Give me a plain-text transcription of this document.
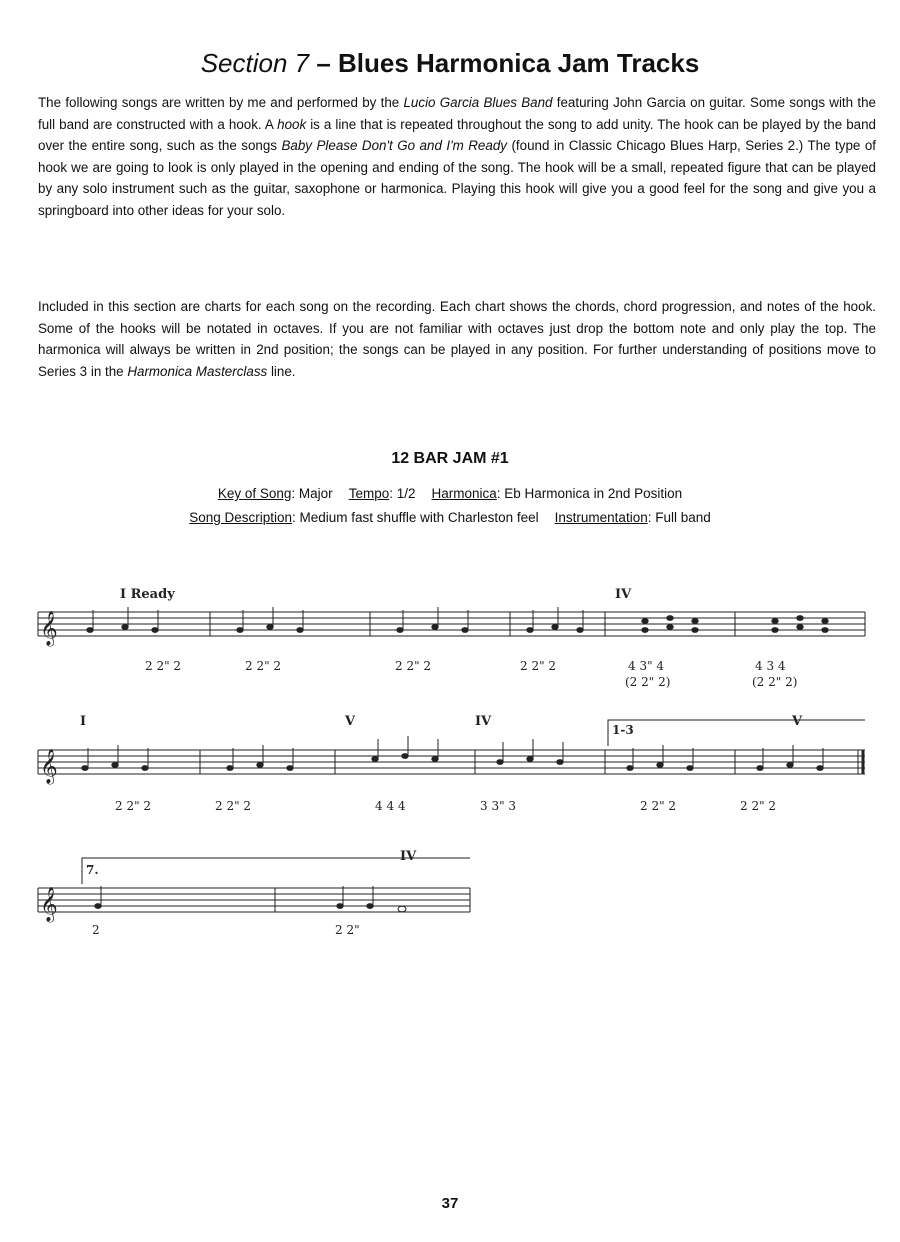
Section 7 – Blues Harmonica Jam Tracks

The following songs are written by me and performed by the Lucio Garcia Blues Band featuring John Garcia on guitar. Some songs with the full band are constructed with a hook. A hook is a line that is repeated throughout the song to add unity. The hook can be played by the band over the entire song, such as the songs Baby Please Don't Go and I'm Ready (found in Classic Chicago Blues Harp, Series 2.) The type of hook we are going to look is only played in the opening and ending of the song. The hook will be a small, repeated figure that can be played by any solo instrument such as the guitar, saxophone or harmonica. Playing this hook will give you a good feel for the song and give you a springboard into other ideas for your solo.

Included in this section are charts for each song on the recording. Each chart shows the chords, chord progression, and notes of the hook. Some of the hooks will be notated in octaves. If you are not familiar with octaves just drop the bottom note and only play the top. The harmonica will always be written in 2nd position; the songs can be played in any position. For further understanding of positions move to Series 3 in the Harmonica Masterclass line.

12 BAR JAM #1
Key of Song: Major Tempo: 1/2 Harmonica: Eb Harmonica in 2nd Position
Song Description: Medium fast shuffle with Charleston feel Instrumentation: Full band
𝄞
𝄞
𝄞
I Ready	IV
I	V	IV	V
IV
1-3
7.
2 2" 2	2 2" 2	2 2" 2	2 2" 2	4 3" 4
(2 2" 2)
4 3 4
(2 2" 2)
2 2" 2	2 2" 2	4 4 4	3 3" 3	2 2" 2	2 2" 2
2	2 2"
37
